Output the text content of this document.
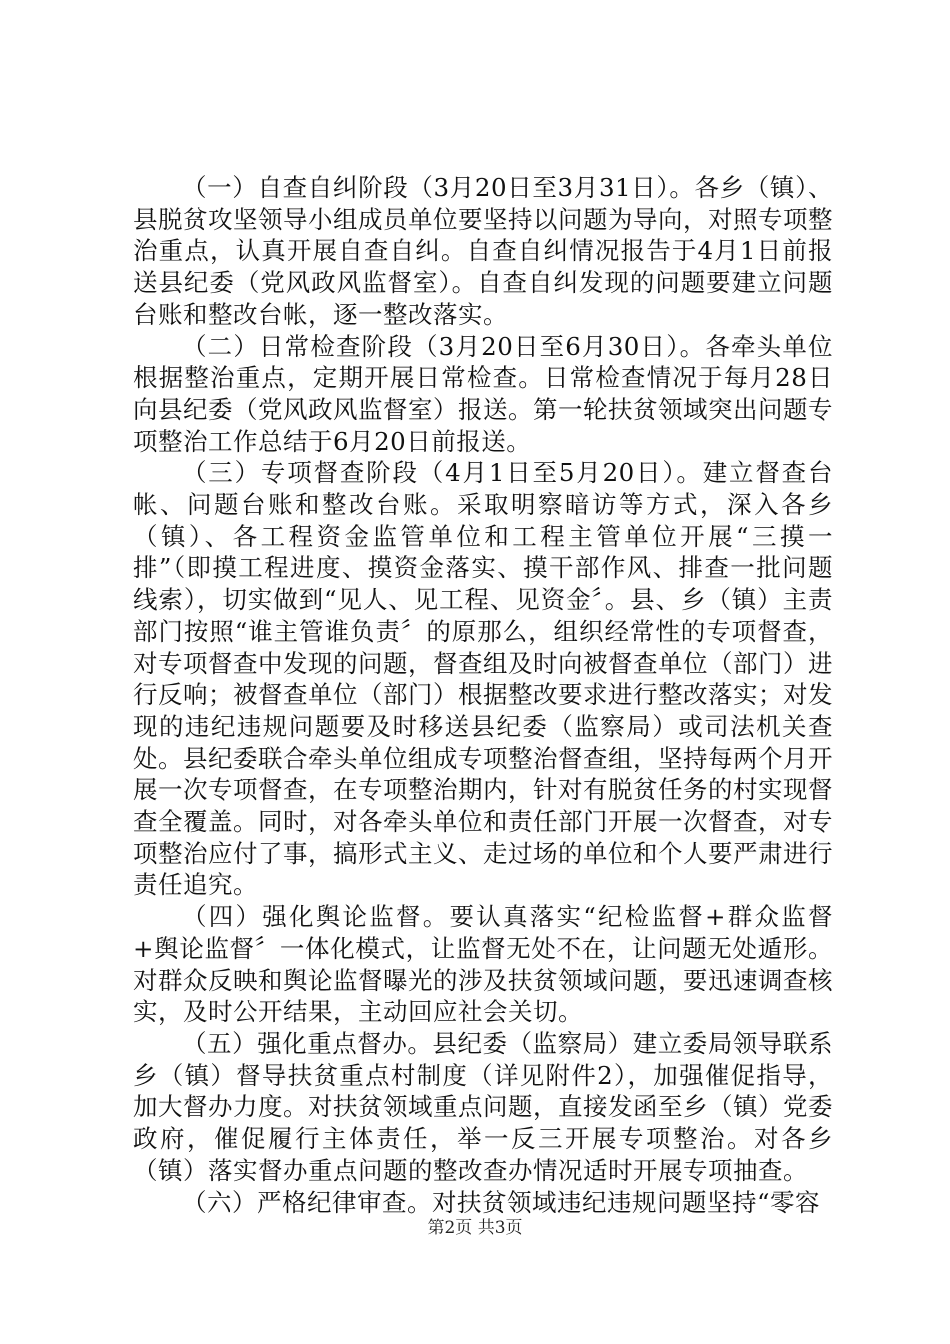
（一）自查自纠阶段（3月20日至3月31日）。各乡（镇）、县脱贫攻坚领导小组成员单位要坚持以问题为导向，对照专项整治重点，认真开展自查自纠。自查自纠情况报告于4月1日前报送县纪委（党风政风监督室）。自查自纠发现的问题要建立问题台账和整改台帐，逐一整改落实。

（二）日常检查阶段（3月20日至6月30日）。各牵头单位根据整治重点，定期开展日常检查。日常检查情况于每月28日向县纪委（党风政风监督室）报送。第一轮扶贫领域突出问题专项整治工作总结于6月20日前报送。

（三）专项督查阶段（4月1日至5月20日）。建立督查台帐、问题台账和整改台账。采取明察暗访等方式，深入各乡（镇）、各工程资金监管单位和工程主管单位开展“三摸一排”（即摸工程进度、摸资金落实、摸干部作风、排查一批问题线索），切实做到“见人、见工程、见资金〞。县、乡（镇）主责部门按照“谁主管谁负责〞的原那么，组织经常性的专项督查，对专项督查中发现的问题，督查组及时向被督查单位（部门）进行反响；被督查单位（部门）根据整改要求进行整改落实；对发现的违纪违规问题要及时移送县纪委（监察局）或司法机关查处。县纪委联合牵头单位组成专项整治督查组，坚持每两个月开展一次专项督查，在专项整治期内，针对有脱贫任务的村实现督查全覆盖。同时，对各牵头单位和责任部门开展一次督查，对专项整治应付了事，搞形式主义、走过场的单位和个人要严肃进行责任追究。

（四）强化舆论监督。要认真落实“纪检监督+群众监督+舆论监督〞一体化模式，让监督无处不在，让问题无处遁形。对群众反映和舆论监督曝光的涉及扶贫领域问题，要迅速调查核实，及时公开结果，主动回应社会关切。

（五）强化重点督办。县纪委（监察局）建立委局领导联系乡（镇）督导扶贫重点村制度（详见附件2），加强催促指导，加大督办力度。对扶贫领域重点问题，直接发函至乡（镇）党委政府，催促履行主体责任，举一反三开展专项整治。对各乡（镇）落实督办重点问题的整改查办情况适时开展专项抽查。

（六）严格纪律审查。对扶贫领域违纪违规问题坚持“零容

第2页 共3页
